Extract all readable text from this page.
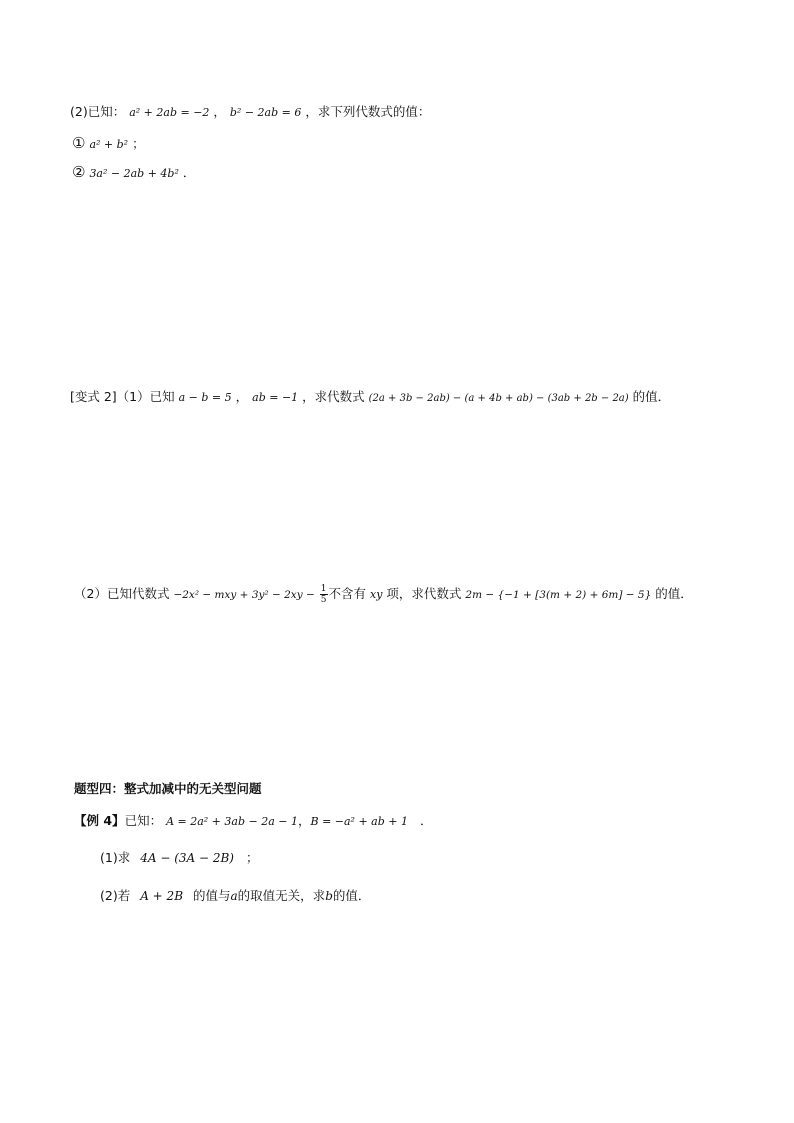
(2)已知： a² + 2ab = −2 ， b² − 2ab = 6 ，求下列代数式的值：
① a² + b² ；
② 3a² − 2ab + 4b² ．
[变式 2]（1）已知 a − b = 5 ， ab = −1 ，求代数式 (2a + 3b − 2ab) − (a + 4b + ab) − (3ab + 2b − 2a) 的值．
（2）已知代数式 −2x² − mxy + $3y^2 - 2xy - \frac{1}{5}$ 不含有 xy 项，求代数式 2m − {−1 + [3(m + 2) + 6m] − 5} 的值．
题型四：整式加减中的无关型问题
【例 4】已知： A = 2a² + 3ab − 2a − 1，B = −a² + ab + 1 ．
(1)求 4A − (3A − 2B) ；
(2)若 A + 2B 的值与a的取值无关，求b的值．
